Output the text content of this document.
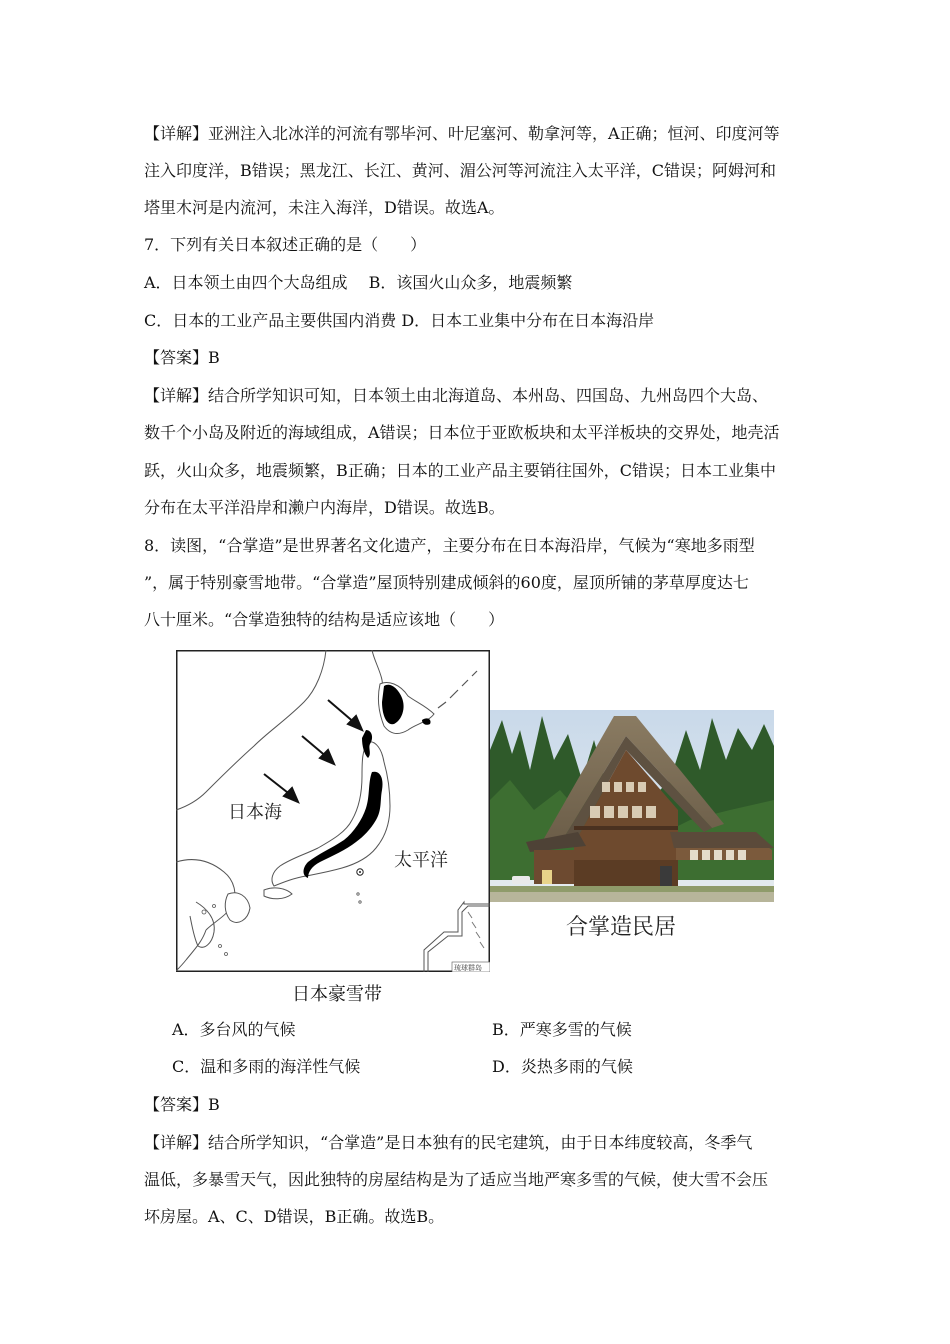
【详解】亚洲注入北冰洋的河流有鄂毕河、叶尼塞河、勒拿河等，A正确；恒河、印度河等
注入印度洋，B错误；黑龙江、长江、黄河、湄公河等河流注入太平洋，C错误；阿姆河和
塔里木河是内流河，未注入海洋，D错误。故选A。
7．下列有关日本叙述正确的是（　　）
A．日本领土由四个大岛组成　 B．该国火山众多，地震频繁
C．日本的工业产品主要供国内消费 D．日本工业集中分布在日本海沿岸
【答案】B
【详解】结合所学知识可知，日本领土由北海道岛、本州岛、四国岛、九州岛四个大岛、
数千个小岛及附近的海域组成，A错误；日本位于亚欧板块和太平洋板块的交界处，地壳活
跃，火山众多，地震频繁，B正确；日本的工业产品主要销往国外，C错误；日本工业集中
分布在太平洋沿岸和濑户内海岸，D错误。故选B。
8．读图，“合掌造”是世界著名文化遗产，主要分布在日本海沿岸，气候为“寒地多雨型
”，属于特别豪雪地带。“合掌造”屋顶特别建成倾斜的60度，屋顶所铺的茅草厚度达七
八十厘米。“合掌造独特的结构是适应该地（　　）
日本海
太平洋
琉球群岛
日本豪雪带
合掌造民居
A．多台风的气候	B．严寒多雪的气候
C．温和多雨的海洋性气候	D．炎热多雨的气候
【答案】B
【详解】结合所学知识，“合掌造”是日本独有的民宅建筑，由于日本纬度较高，冬季气
温低，多暴雪天气，因此独特的房屋结构是为了适应当地严寒多雪的气候，使大雪不会压
坏房屋。A、C、D错误，B正确。故选B。
